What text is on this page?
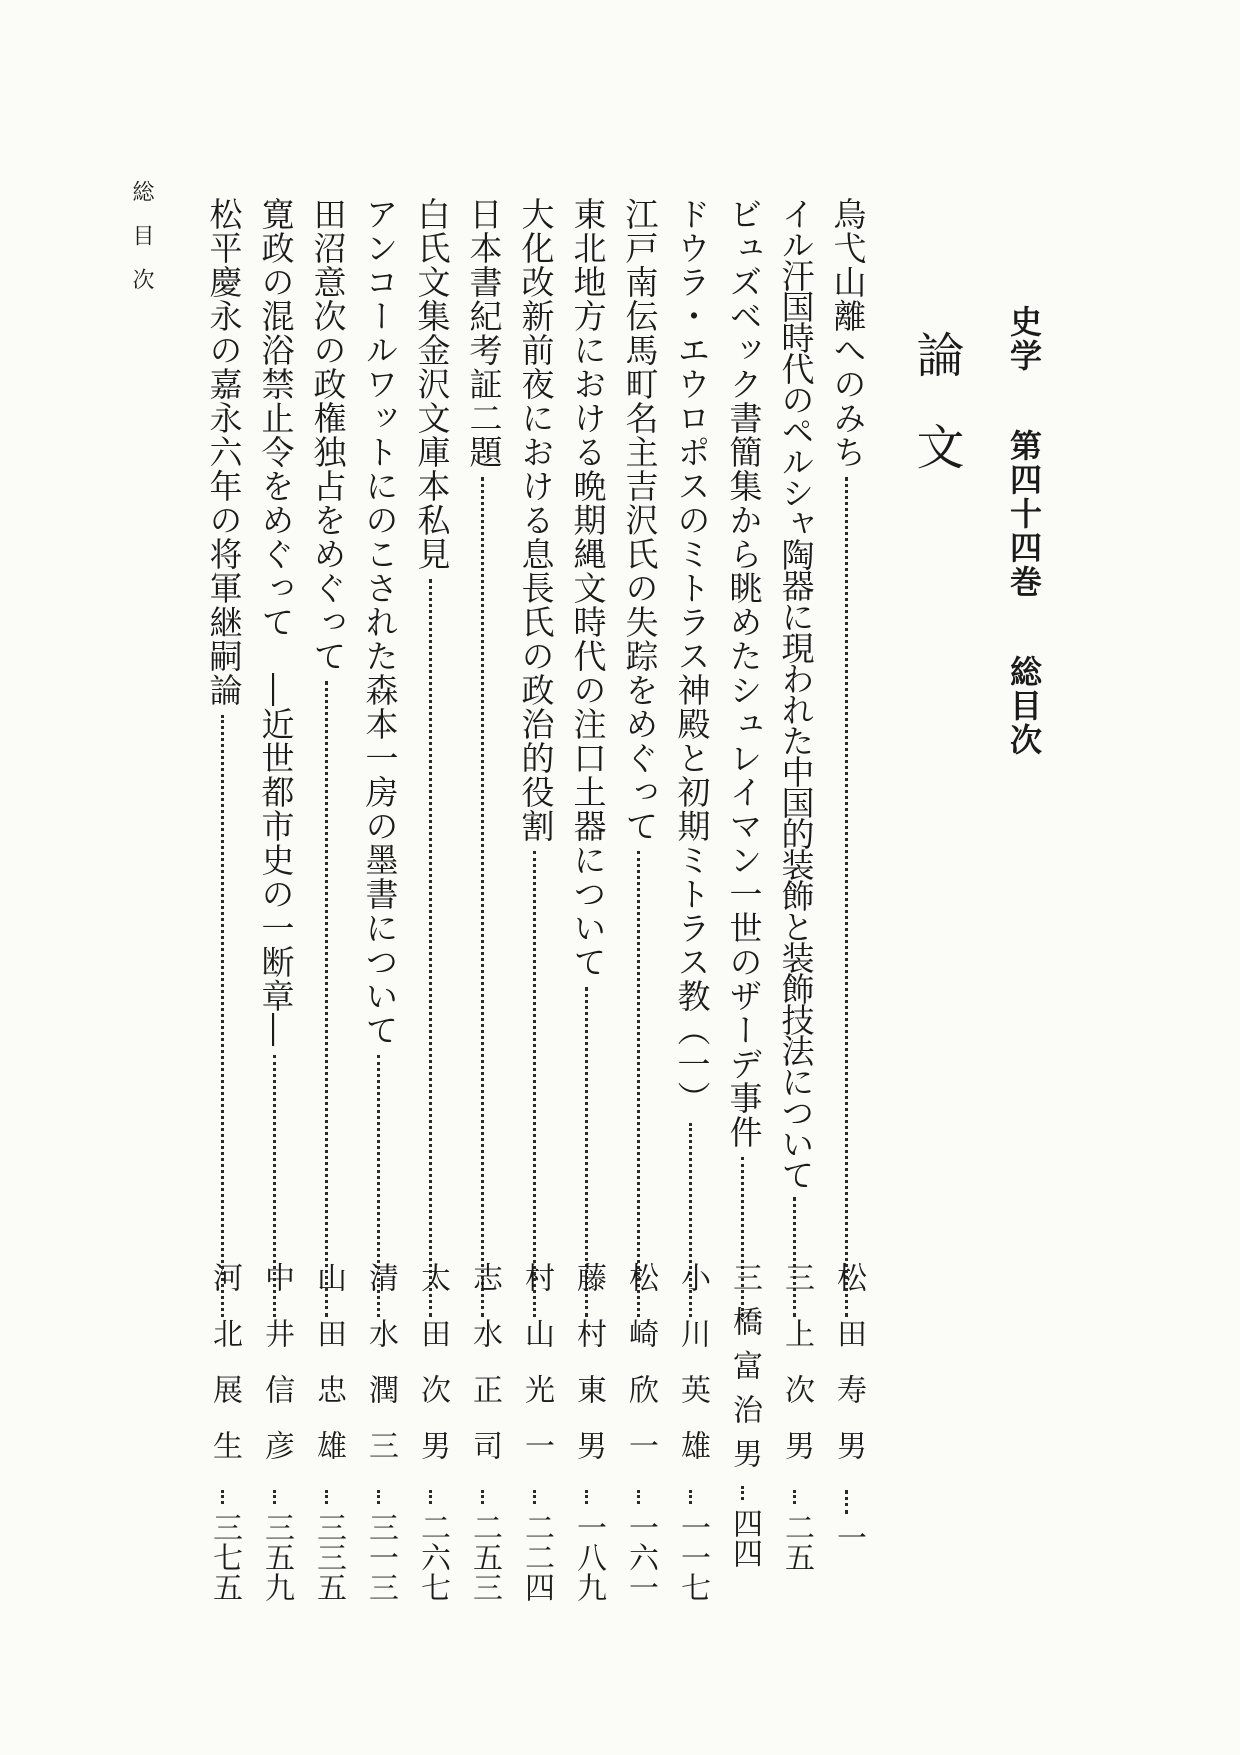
史学第四十四巻総目次
論文
総目次	烏弋山離へのみち
松田寿男
一
イル汗国時代のペルシャ陶器に現われた中国的装飾と装飾技法について
三上次男
二五
ビュズベック書簡集から眺めたシュレイマン一世のザーデ事件
三橋富治男
四四
ドウラ・エウロポスのミトラス神殿と初期ミトラス教（一）
小川英雄
一一七
江戸南伝馬町名主吉沢氏の失踪をめぐって
松崎欣一
一六一
東北地方における晩期縄文時代の注口土器について
藤村東男
一八九
大化改新前夜における息長氏の政治的役割
村山光一
二二四
日本書紀考証二題
志水正司
二五三
白氏文集金沢文庫本私見
太田次男
二六七
アンコールワットにのこされた森本一房の墨書について
清水潤三
三一三
田沼意次の政権独占をめぐって
山田忠雄
三三五
寛政の混浴禁止令をめぐって
―近世都市史の一断章―
中井信彦
三五九
松平慶永の嘉永六年の将軍継嗣論
河北展生
三七五
